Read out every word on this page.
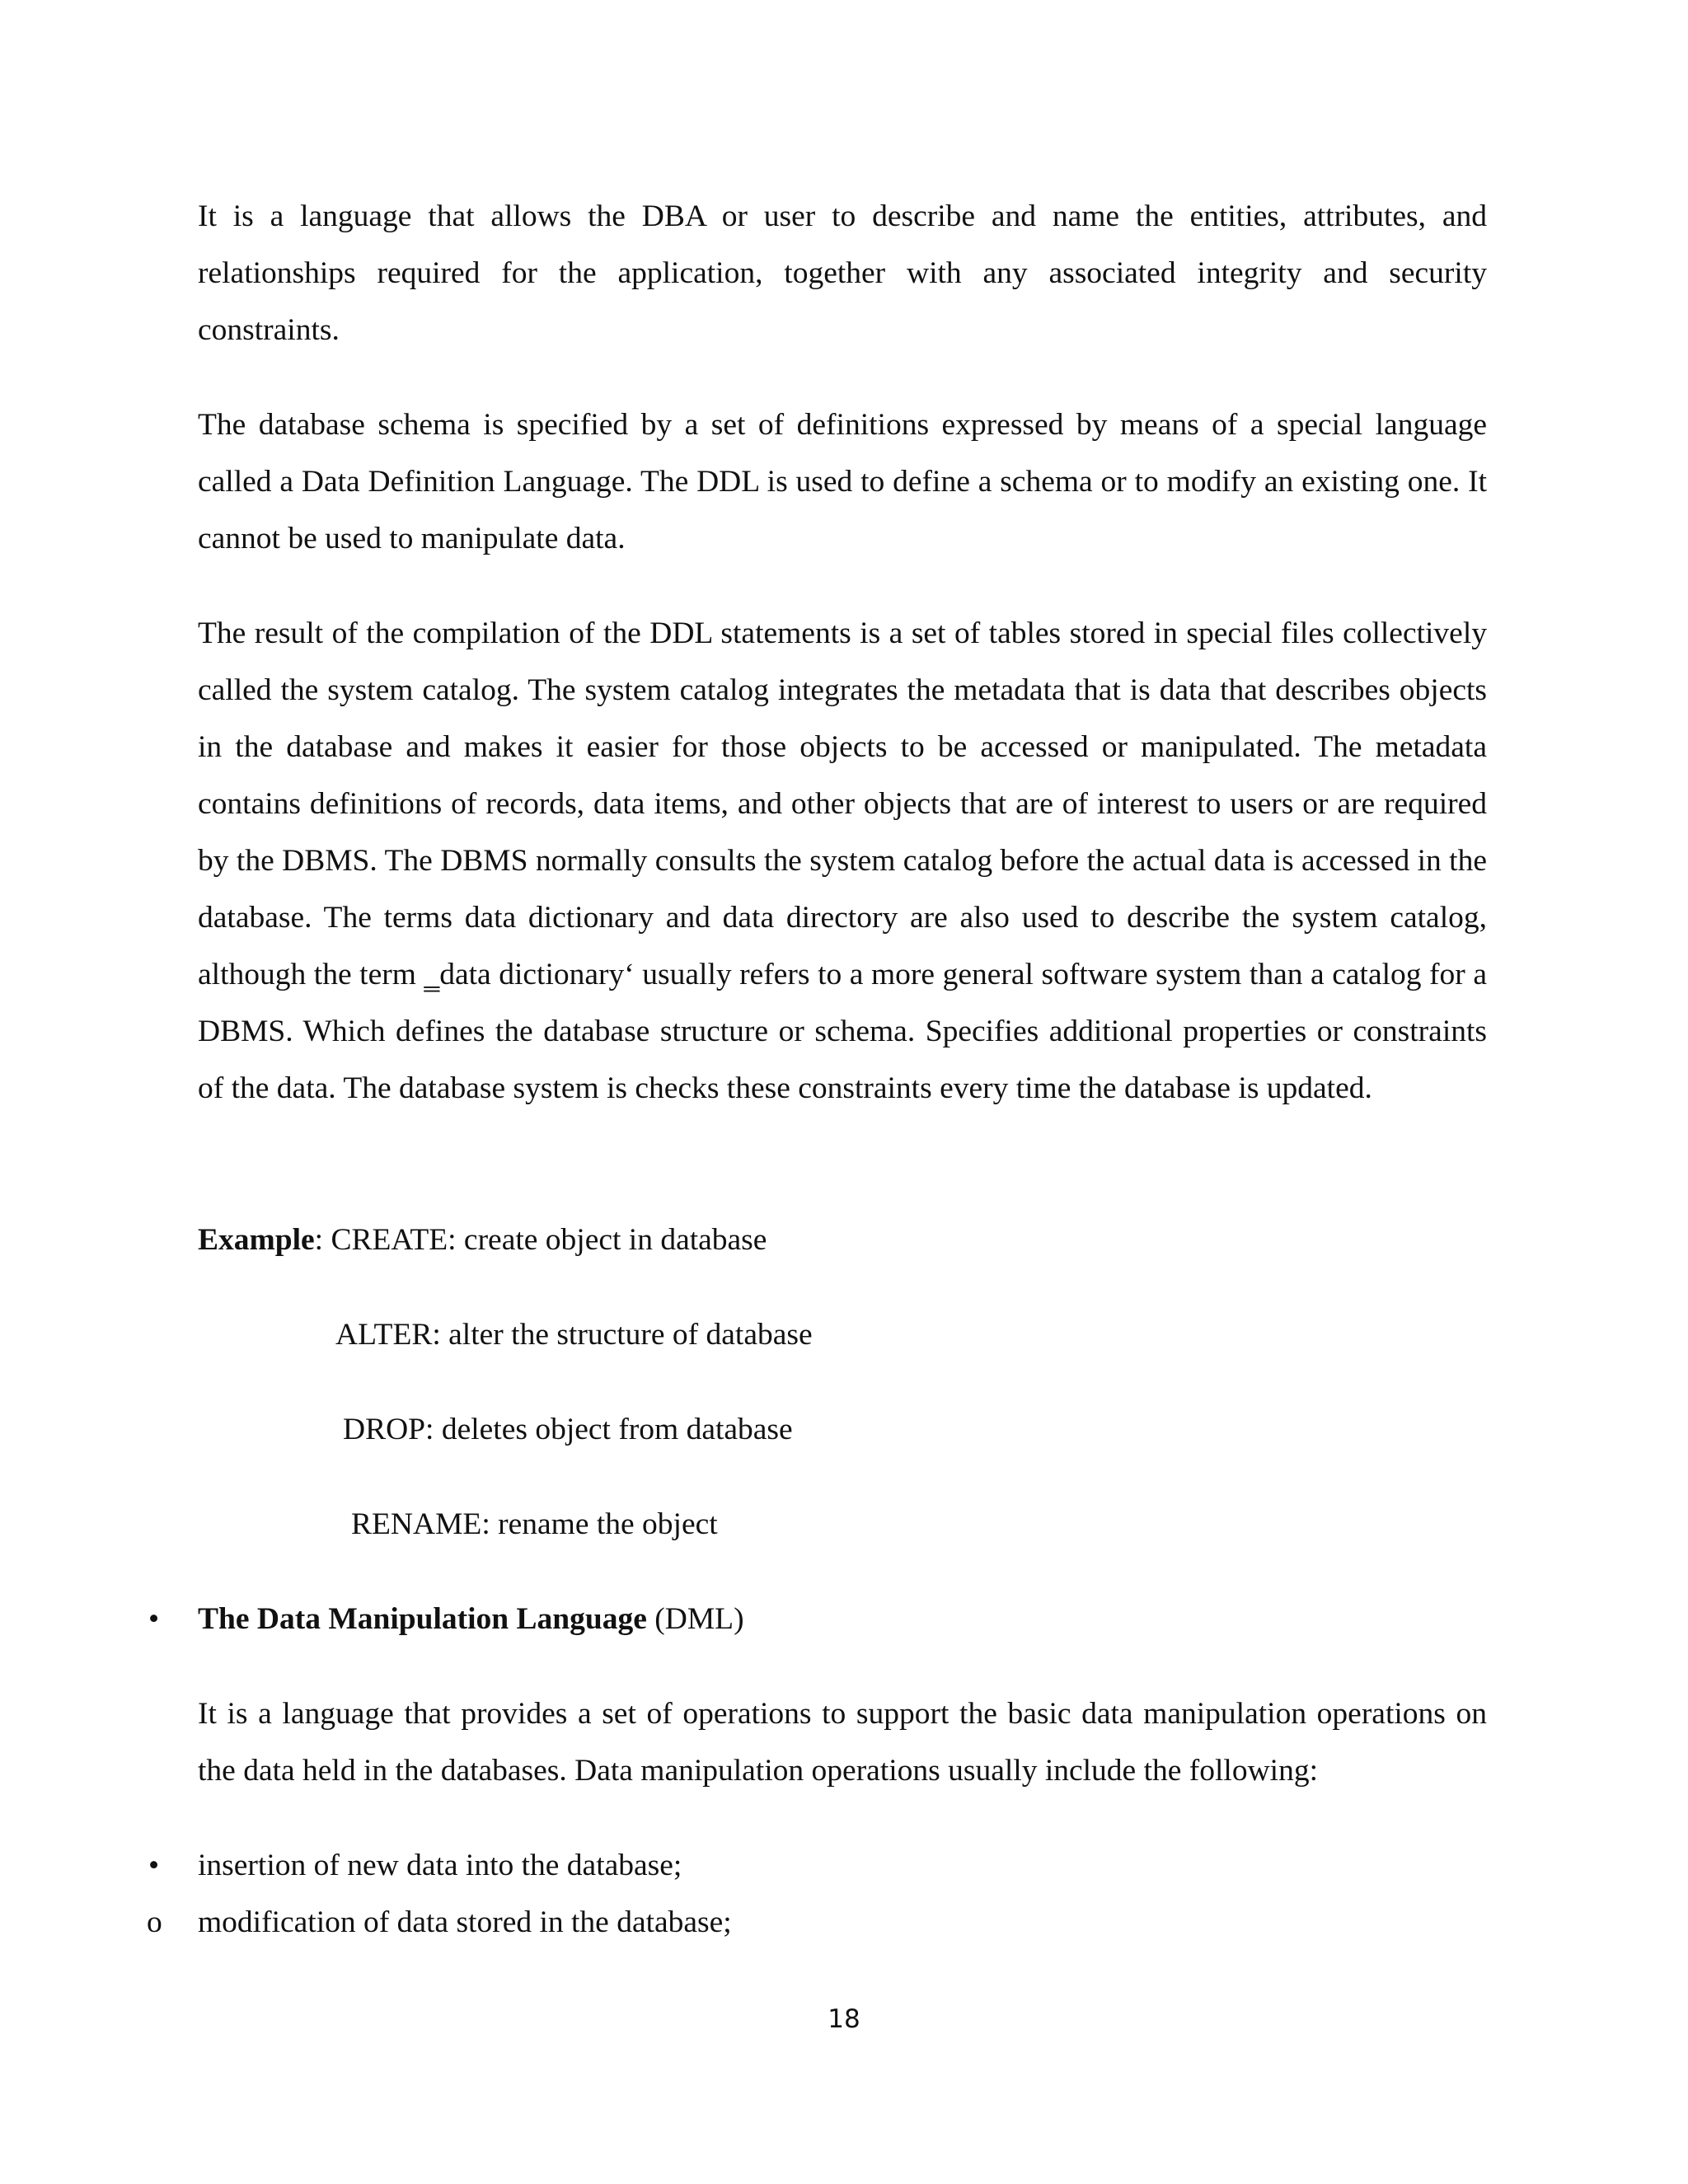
It is a language that allows the DBA or user to describe and name the entities, attributes, and relationships required for the application, together with any associated integrity and security constraints.

The database schema is specified by a set of definitions expressed by means of a special language called a Data Definition Language. The DDL is used to define a schema or to modify an existing one. It cannot be used to manipulate data.

The result of the compilation of the DDL statements is a set of tables stored in special files collectively called the system catalog. The system catalog integrates the metadata that is data that describes objects in the database and makes it easier for those objects to be accessed or manipulated. The metadata contains definitions of records, data items, and other objects that are of interest to users or are required by the DBMS. The DBMS normally consults the system catalog before the actual data is accessed in the database. The terms data dictionary and data directory are also used to describe the system catalog, although the term ‗data dictionary‘ usually refers to a more general software system than a catalog for a DBMS. Which defines the database structure or schema. Specifies additional properties or constraints of the data. The database system is checks these constraints every time the database is updated.

Example: CREATE: create object in database
ALTER: alter the structure of database
DROP: deletes object from database
RENAME: rename the object
• The Data Manipulation Language (DML)

It is a language that provides a set of operations to support the basic data manipulation operations on the data held in the databases. Data manipulation operations usually include the following:

• insertion of new data into the database;
o modification of data stored in the database;
18
